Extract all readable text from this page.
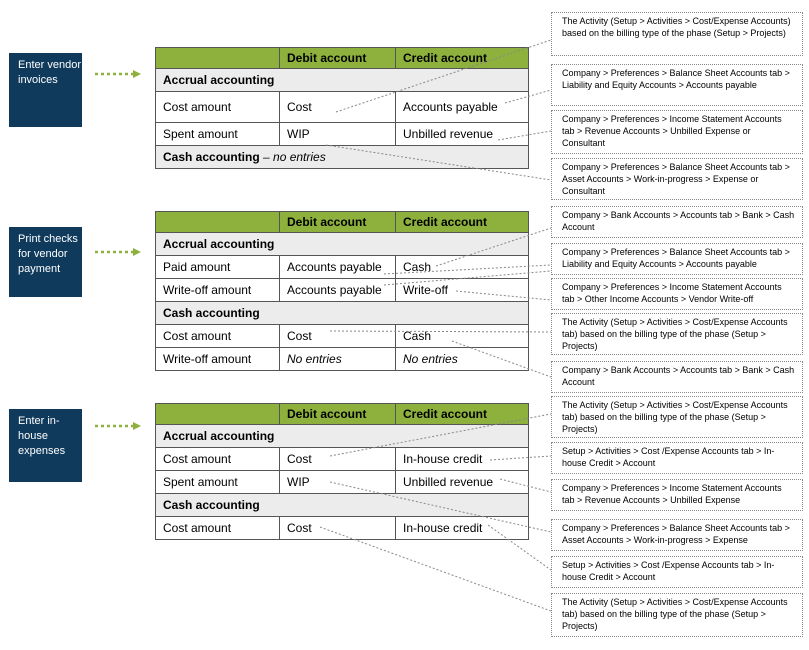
Enter vendor invoices
Print checks for vendor payment
Enter in-house expenses
	Debit account	Credit account
Accrual accounting		
Cost amount	Cost	Accounts payable
Spent amount	WIP	Unbilled revenue
Cash accounting – no entries		
	Debit account	Credit account
Accrual accounting		
Paid amount	Accounts payable	Cash
Write-off amount	Accounts payable	Write-off
Cash accounting		
Cost amount	Cost	Cash
Write-off amount	No entries	No entries
	Debit account	Credit account
Accrual accounting		
Cost amount	Cost	In-house credit
Spent amount	WIP	Unbilled revenue
Cash accounting		
Cost amount	Cost	In-house credit
The Activity (Setup > Activities > Cost/Expense Accounts) based on the billing type of the phase (Setup > Projects)
Company > Preferences > Balance Sheet Accounts tab > Liability and Equity Accounts > Accounts payable
Company > Preferences > Income Statement Accounts tab > Revenue Accounts > Unbilled Expense or Consultant
Company > Preferences > Balance Sheet Accounts tab > Asset Accounts > Work-in-progress > Expense or Consultant
Company > Bank Accounts > Accounts tab > Bank > Cash Account
Company > Preferences > Balance Sheet Accounts tab > Liability and Equity Accounts > Accounts payable
Company > Preferences > Income Statement Accounts tab > Other Income Accounts > Vendor Write-off
The Activity (Setup > Activities > Cost/Expense Accounts tab) based on the billing type of the phase (Setup > Projects)
Company > Bank Accounts > Accounts tab > Bank > Cash Account
The Activity (Setup > Activities > Cost/Expense Accounts tab) based on the billing type of the phase (Setup > Projects)
Setup > Activities > Cost /Expense Accounts tab > In-house Credit > Account
Company > Preferences > Income Statement Accounts tab > Revenue Accounts > Unbilled Expense
Company > Preferences > Balance Sheet Accounts tab > Asset Accounts > Work-in-progress > Expense
Setup > Activities > Cost /Expense Accounts tab > In-house Credit > Account
The Activity (Setup > Activities > Cost/Expense Accounts tab) based on the billing type of the phase (Setup > Projects)
